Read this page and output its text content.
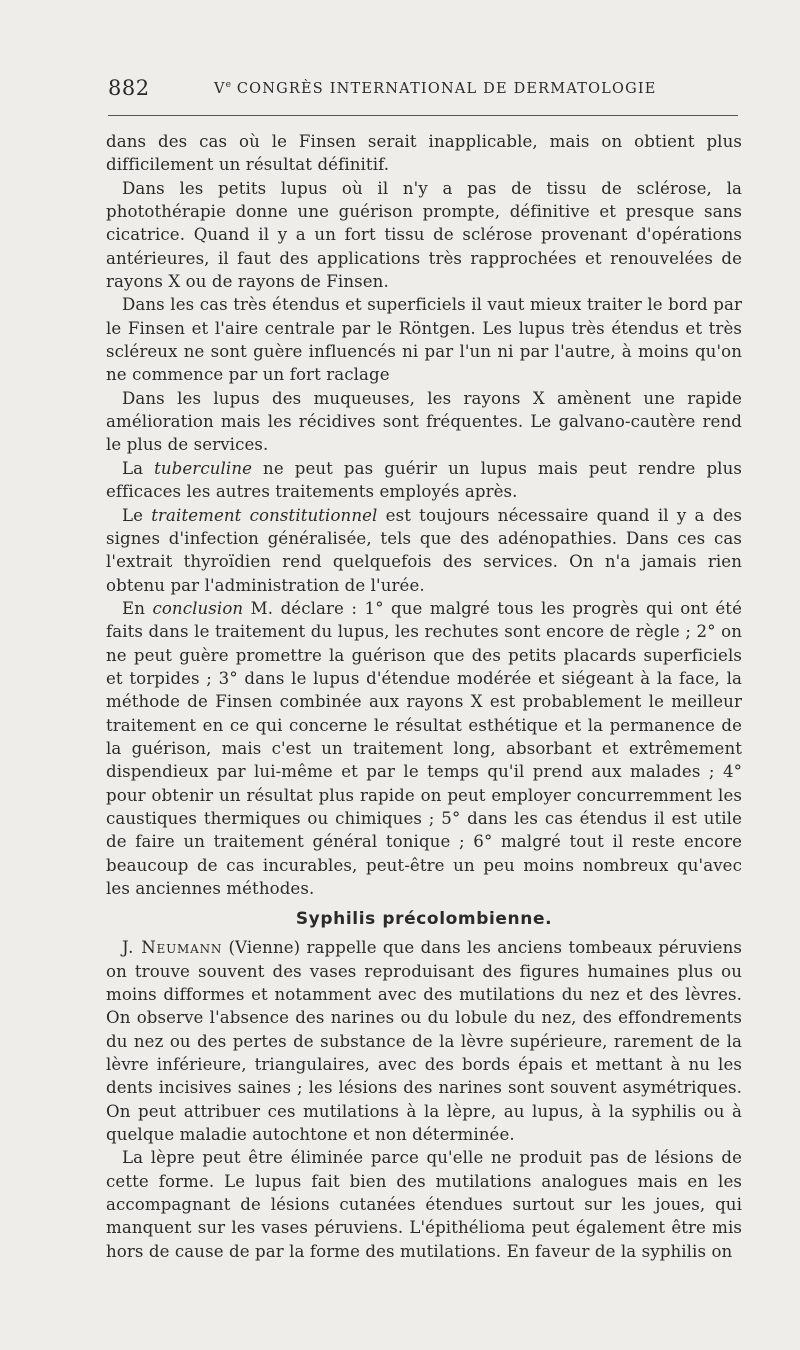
882	Ve CONGRÈS INTERNATIONAL DE DERMATOLOGIE

dans des cas où le Finsen serait inapplicable, mais on obtient plus difficilement un résultat définitif.

Dans les petits lupus où il n'y a pas de tissu de sclérose, la photothérapie donne une guérison prompte, définitive et presque sans cicatrice. Quand il y a un fort tissu de sclérose provenant d'opérations antérieures, il faut des applications très rapprochées et renouvelées de rayons X ou de rayons de Finsen.

Dans les cas très étendus et superficiels il vaut mieux traiter le bord par le Finsen et l'aire centrale par le Röntgen. Les lupus très étendus et très scléreux ne sont guère influencés ni par l'un ni par l'autre, à moins qu'on ne commence par un fort raclage

Dans les lupus des muqueuses, les rayons X amènent une rapide amélioration mais les récidives sont fréquentes. Le galvano-cautère rend le plus de services.

La tuberculine ne peut pas guérir un lupus mais peut rendre plus efficaces les autres traitements employés après.

Le traitement constitutionnel est toujours nécessaire quand il y a des signes d'infection généralisée, tels que des adénopathies. Dans ces cas l'extrait thyroïdien rend quelquefois des services. On n'a jamais rien obtenu par l'administration de l'urée.

En conclusion M. déclare : 1° que malgré tous les progrès qui ont été faits dans le traitement du lupus, les rechutes sont encore de règle ; 2° on ne peut guère promettre la guérison que des petits placards superficiels et torpides ; 3° dans le lupus d'étendue modérée et siégeant à la face, la méthode de Finsen combinée aux rayons X est probablement le meilleur traitement en ce qui concerne le résultat esthétique et la permanence de la guérison, mais c'est un traitement long, absorbant et extrêmement dispendieux par lui-même et par le temps qu'il prend aux malades ; 4° pour obtenir un résultat plus rapide on peut employer concurremment les caustiques thermiques ou chimiques ; 5° dans les cas étendus il est utile de faire un traitement général tonique ; 6° malgré tout il reste encore beaucoup de cas incurables, peut-être un peu moins nombreux qu'avec les anciennes méthodes.

Syphilis précolombienne.

J. Neumann (Vienne) rappelle que dans les anciens tombeaux péruviens on trouve souvent des vases reproduisant des figures humaines plus ou moins difformes et notamment avec des mutilations du nez et des lèvres. On observe l'absence des narines ou du lobule du nez, des effondrements du nez ou des pertes de substance de la lèvre supérieure, rarement de la lèvre inférieure, triangulaires, avec des bords épais et mettant à nu les dents incisives saines ; les lésions des narines sont souvent asymétriques. On peut attribuer ces mutilations à la lèpre, au lupus, à la syphilis ou à quelque maladie autochtone et non déterminée.

La lèpre peut être éliminée parce qu'elle ne produit pas de lésions de cette forme. Le lupus fait bien des mutilations analogues mais en les accompagnant de lésions cutanées étendues surtout sur les joues, qui manquent sur les vases péruviens. L'épithélioma peut également être mis hors de cause de par la forme des mutilations. En faveur de la syphilis on
